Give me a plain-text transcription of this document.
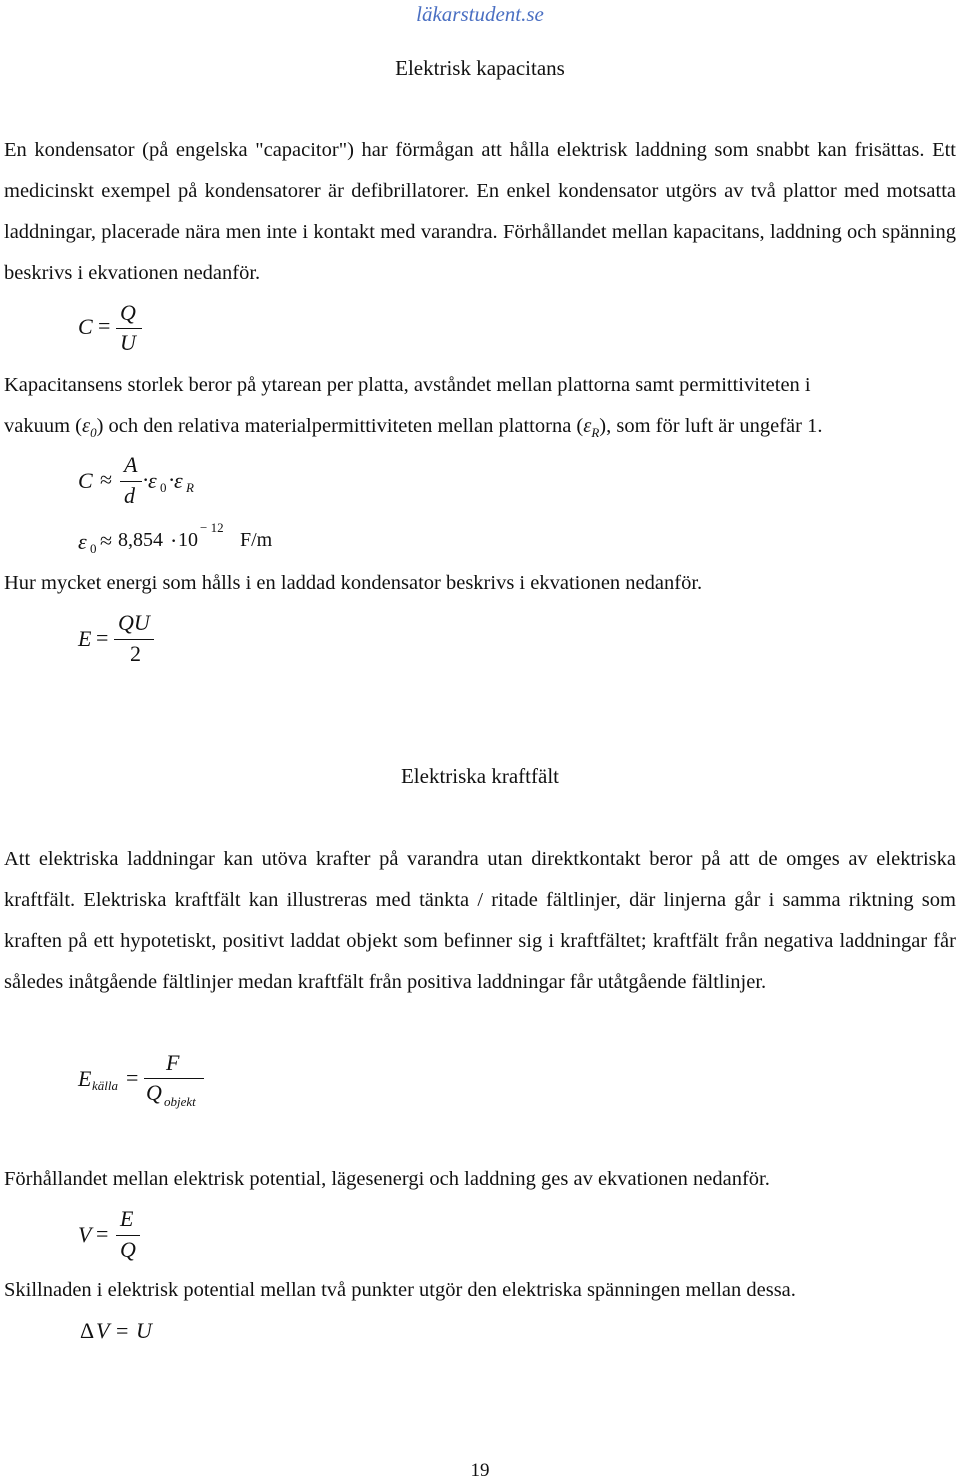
läkarstudent.se
Elektrisk kapacitans
En kondensator (på engelska "capacitor") har förmågan att hålla elektrisk laddning som snabbt kan frisättas. Ett medicinskt exempel på kondensatorer är defibrillatorer. En enkel kondensator utgörs av två plattor med motsatta laddningar, placerade nära men inte i kontakt med varandra. Förhållandet mellan kapacitans, laddning och spänning beskrivs i ekvationen nedanför.
C =
Q
U
Kapacitansens storlek beror på ytarean per platta, avståndet mellan plattorna samt permittiviteten i
vakuum $(\varepsilon_0)$ och den relativa materialpermittiviteten mellan plattorna $(\varepsilon_R)$, som för luft är ungefär 1.
C ≈
A
d
·
ε 0 ·
ε R
ε 0 ≈ 8,854 · 10
− 12
F/m
Hur mycket energi som hålls i en laddad kondensator beskrivs i ekvationen nedanför.
E =
QU
2
Elektriska kraftfält
Att elektriska laddningar kan utöva krafter på varandra utan direktkontakt beror på att de omges av elektriska kraftfält. Elektriska kraftfält kan illustreras med tänkta / ritade fältlinjer, där linjerna går i samma riktning som kraften på ett hypotetiskt, positivt laddat objekt som befinner sig i kraftfältet; kraftfält från negativa laddningar får således inåtgående fältlinjer medan kraftfält från positiva laddningar får utåtgående fältlinjer.
E källa =
F
Q objekt
Förhållandet mellan elektrisk potential, lägesenergi och laddning ges av ekvationen nedanför.
V =
E
Q
Skillnaden i elektrisk potential mellan två punkter utgör den elektriska spänningen mellan dessa.
Δ V = U
19
